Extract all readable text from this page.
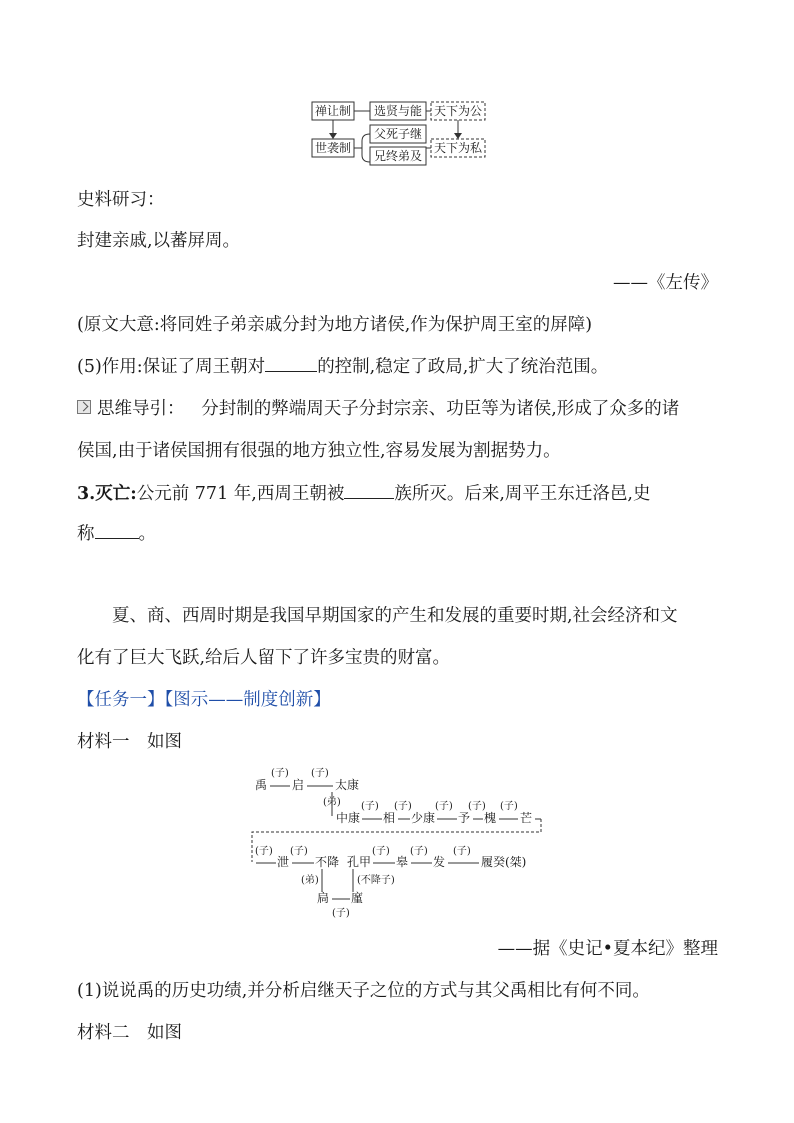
禅让制
世袭制
选贤与能
父死子继
兄终弟及
天下为公
天下为私
史料研习：
封建亲戚,以蕃屏周。
——《左传》
(原文大意:将同姓子弟亲戚分封为地方诸侯,作为保护周王室的屏障)
(5)作用:保证了周王朝对	的控制,稳定了政局,扩大了统治范围。
思维导引： 分封制的弊端周天子分封宗亲、功臣等为诸侯,形成了众多的诸
侯国,由于诸侯国拥有很强的地方独立性,容易发展为割据势力。
3.灭亡:公元前 771 年,西周王朝被	族所灭。后来,周平王东迁洛邑,史
称	。
夏、商、西周时期是我国早期国家的产生和发展的重要时期,社会经济和文
化有了巨大飞跃,给后人留下了许多宝贵的财富。
【任务一】【图示——制度创新】
材料一　如图
禹
(子)
启
(子)
太康
(弟)
中康
(子)
相
(子)
少康
(子)
予
(子)
槐
(子)
芒
(子)
泄
(子)
不降 孔甲
(子)
皋
(子)
发
(子)
履癸(桀)
(弟)	(不降子)
扃 廑
(子)
——据《史记•夏本纪》整理
(1)说说禹的历史功绩,并分析启继天子之位的方式与其父禹相比有何不同。
材料二　如图
